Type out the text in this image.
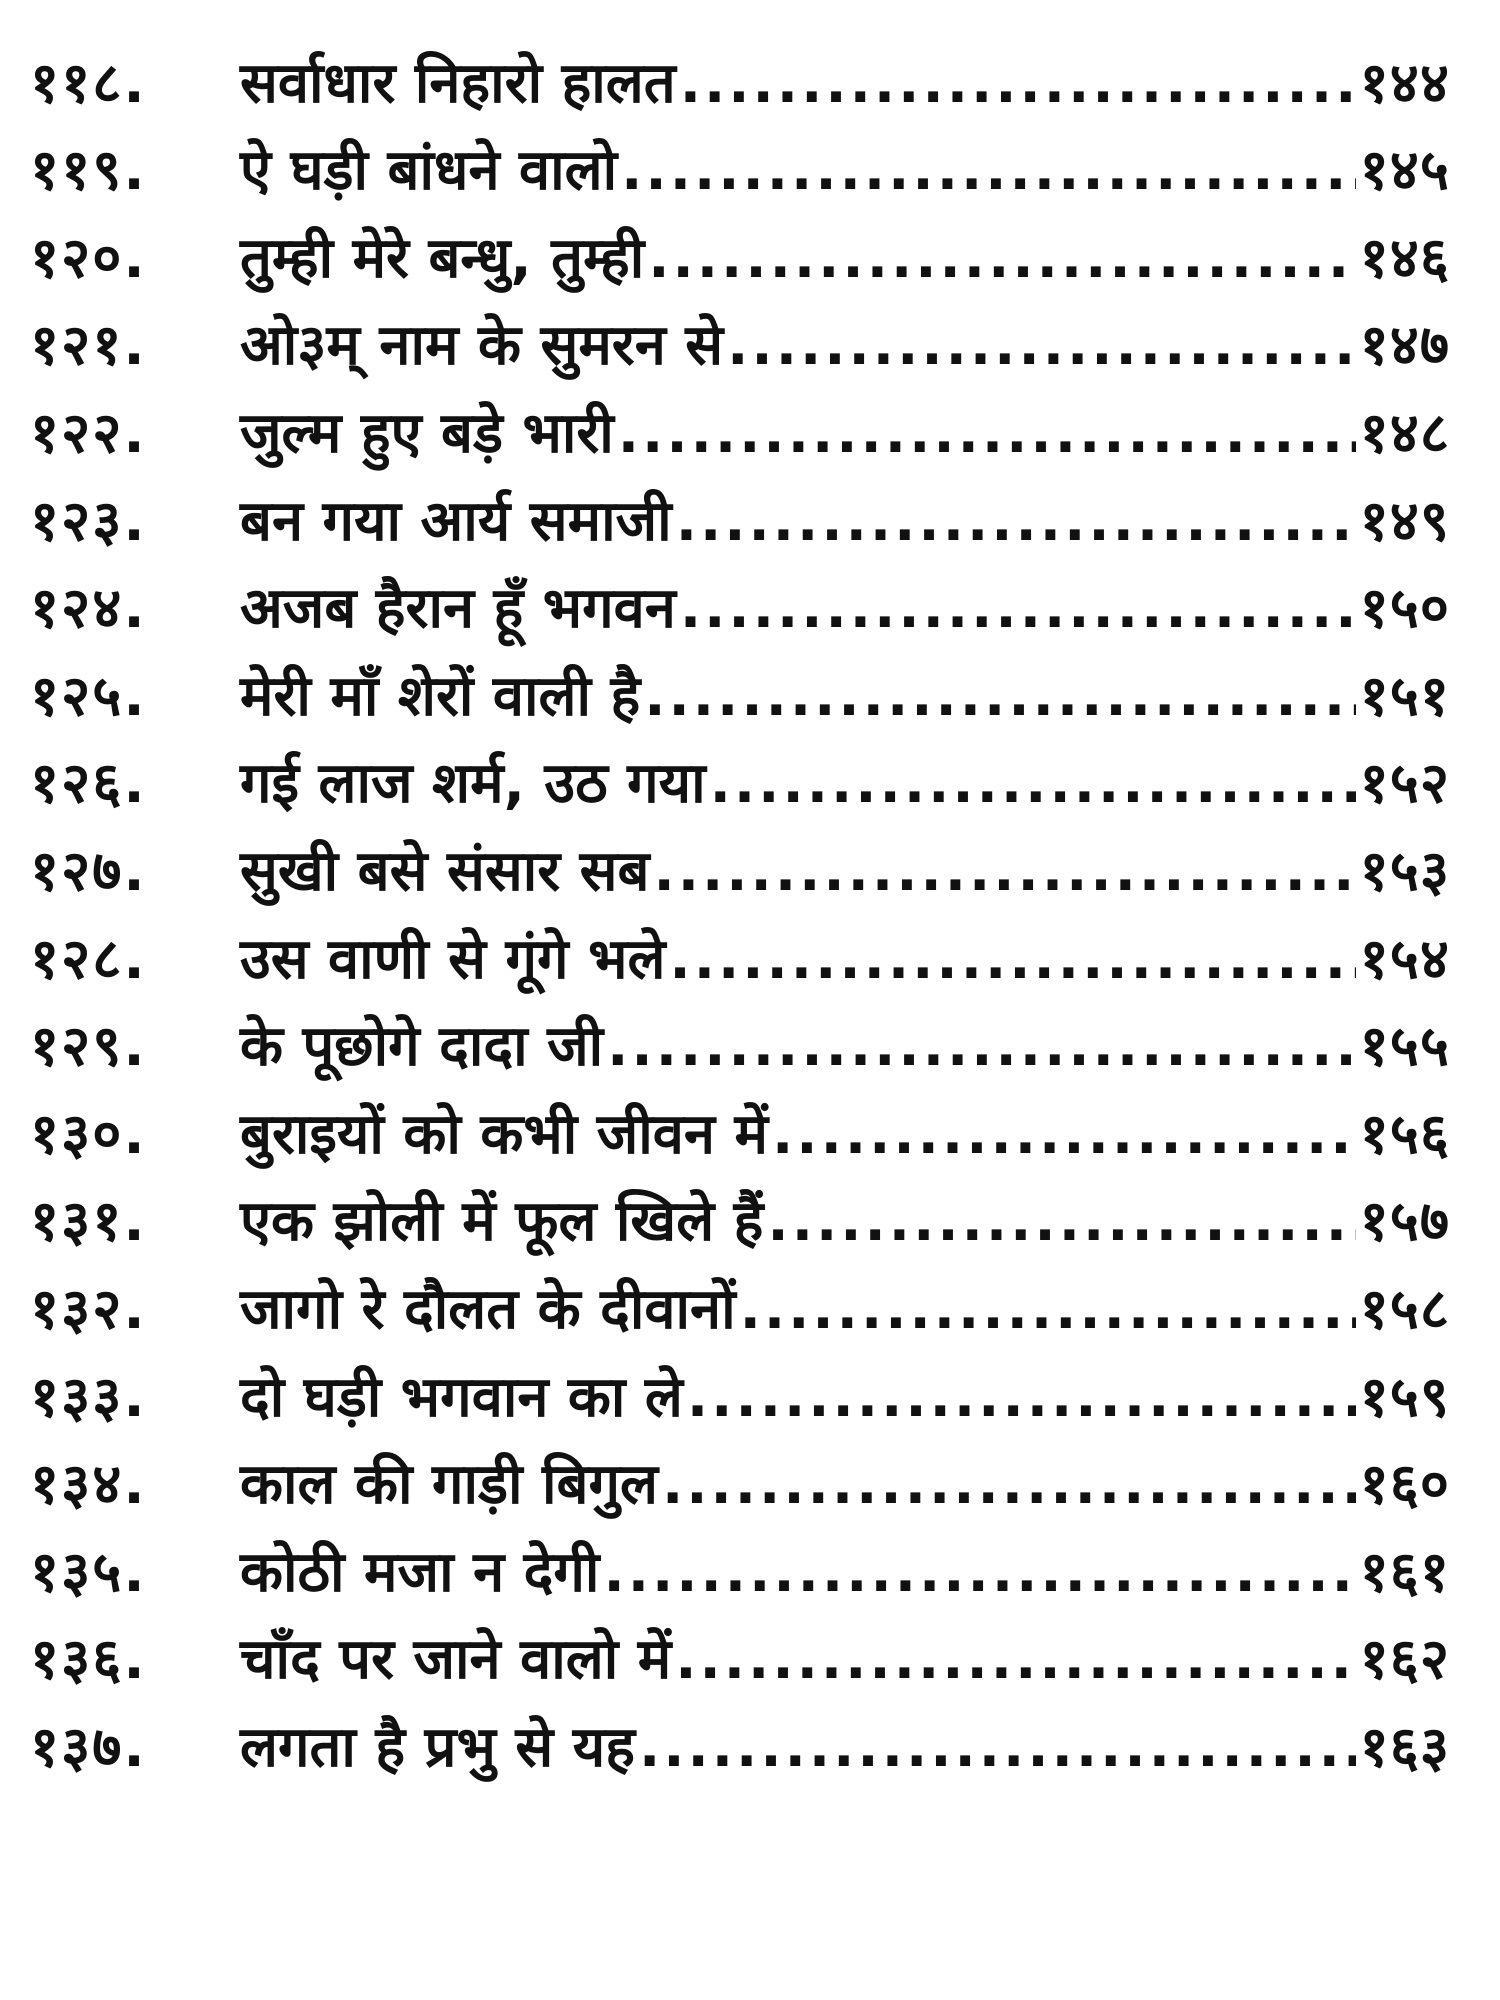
११८.	सर्वाधार निहारो हालत .....	१४४
११९.	ऐ घड़ी बांधने वालो .....	१४५
१२०.	तुम्ही मेरे बन्धु, तुम्ही .....	१४६
१२१.	ओ३म् नाम के सुमरन से .....	१४७
१२२.	जुल्म हुए बड़े भारी .....	१४८
१२३.	बन गया आर्य समाजी .....	१४९
१२४.	अजब हैरान हूँ भगवन .....	१५०
१२५.	मेरी माँ शेरों वाली है .....	१५१
१२६.	गई लाज शर्म, उठ गया .....	१५२
१२७.	सुखी बसे संसार सब .....	१५३
१२८.	उस वाणी से गूंगे भले .....	१५४
१२९.	के पूछोगे दादा जी .....	१५५
१३०.	बुराइयों को कभी जीवन में .....	१५६
१३१.	एक झोली में फूल खिले हैं .....	१५७
१३२.	जागो रे दौलत के दीवानों .....	१५८
१३३.	दो घड़ी भगवान का ले .....	१५९
१३४.	काल की गाड़ी बिगुल .....	१६०
१३५.	कोठी मजा न देगी .....	१६१
१३६.	चाँद पर जाने वालो में .....	१६२
१३७.	लगता है प्रभु से यह .....	१६३
